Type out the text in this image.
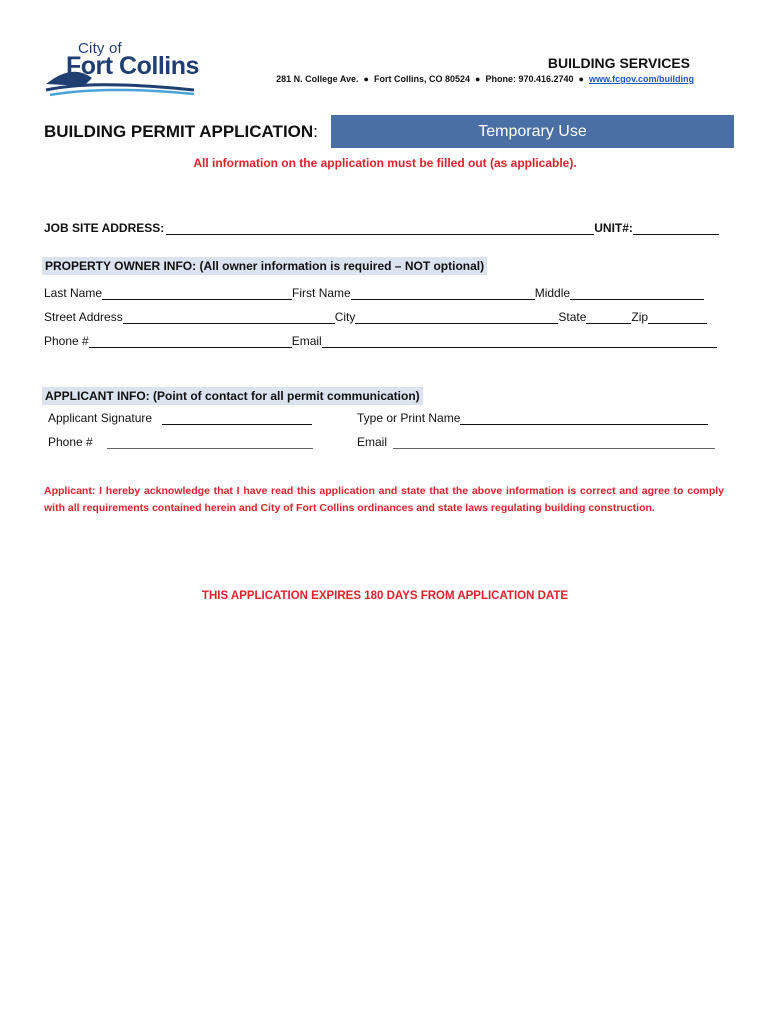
City of
Fort Collins	BUILDING SERVICES
281 N. College Ave. ● Fort Collins, CO 80524 ● Phone: 970.416.2740 ● www.fcgov.com/building
BUILDING PERMIT APPLICATION:	Temporary Use
All information on the application must be filled out (as applicable).
JOB SITE ADDRESS:	UNIT#:
PROPERTY OWNER INFO: (All owner information is required – NOT optional)
Last Name	First Name	Middle
Street Address	City	State	Zip
Phone #	Email
APPLICANT INFO: (Point of contact for all permit communication)
Applicant Signature	Type or Print Name
Phone #	Email
Applicant: I hereby acknowledge that I have read this application and state that the above information is correct and agree to comply with all requirements contained herein and City of Fort Collins ordinances and state laws regulating building construction.
THIS APPLICATION EXPIRES 180 DAYS FROM APPLICATION DATE
